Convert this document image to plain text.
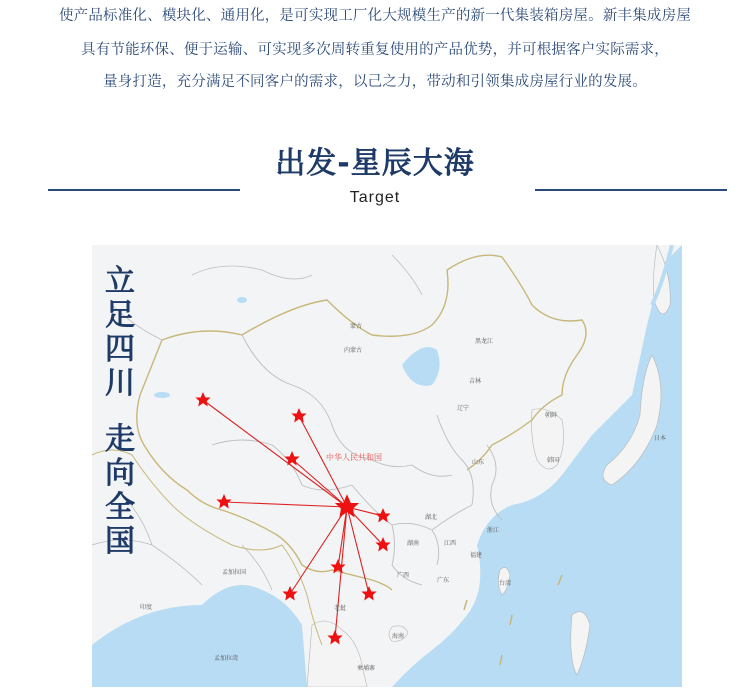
使产品标准化、模块化、通用化，是可实现工厂化大规模生产的新一代集装箱房屋。新丰集成房屋
具有节能环保、便于运输、可实现多次周转重复使用的产品优势，并可根据客户实际需求，
量身打造，充分满足不同客户的需求，以己之力，带动和引领集成房屋行业的发展。
出发-星辰大海
Target
中华人民共和国
蒙古
内蒙古
黑龙江
吉林
辽宁
朝鲜
韩国
日本
印度
孟加拉国
老挝
柬埔寨
孟加拉湾
台湾
海南
广东
广西
福建
浙江
湖南	江西
湖北
山东
立
足
四
川
走
向
全
国
